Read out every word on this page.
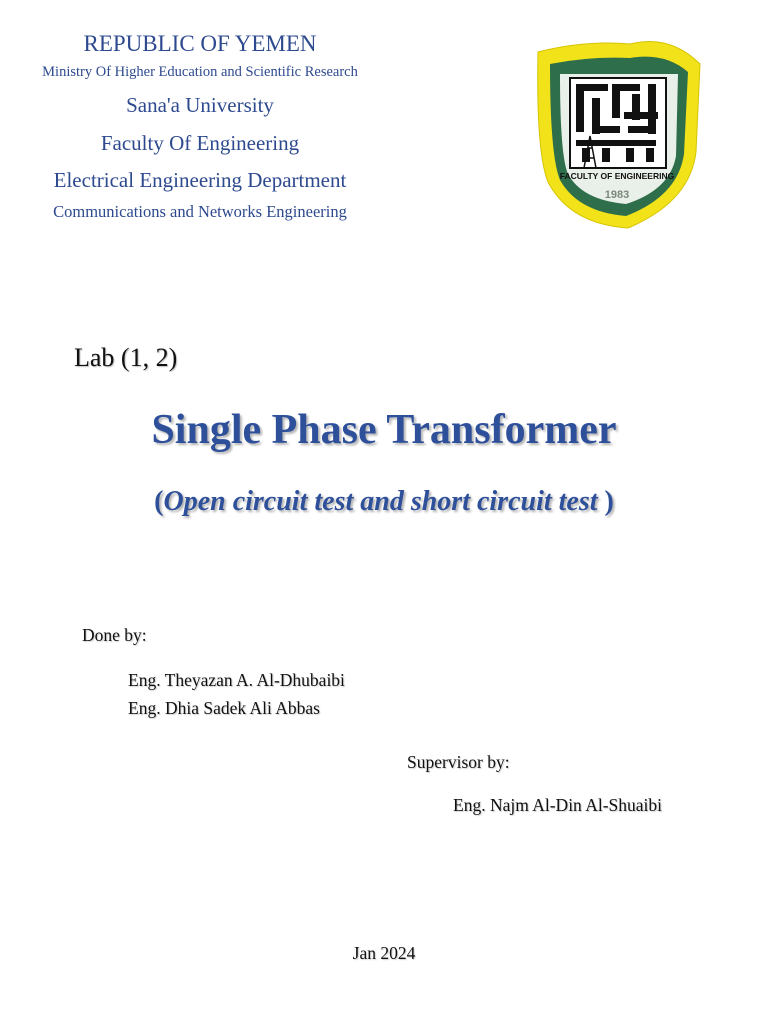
REPUBLIC OF YEMEN
Ministry Of Higher Education and Scientific Research
Sana'a University
Faculty Of Engineering
Electrical Engineering Department
Communications and Networks Engineering
FACULTY OF ENGINEERING
1983
Lab (1, 2)
Single Phase Transformer
(Open circuit test and short circuit test )
Done by:
Eng. Theyazan A. Al-Dhubaibi
Eng. Dhia Sadek Ali Abbas
Supervisor by:
Eng. Najm Al-Din Al-Shuaibi
Jan 2024
